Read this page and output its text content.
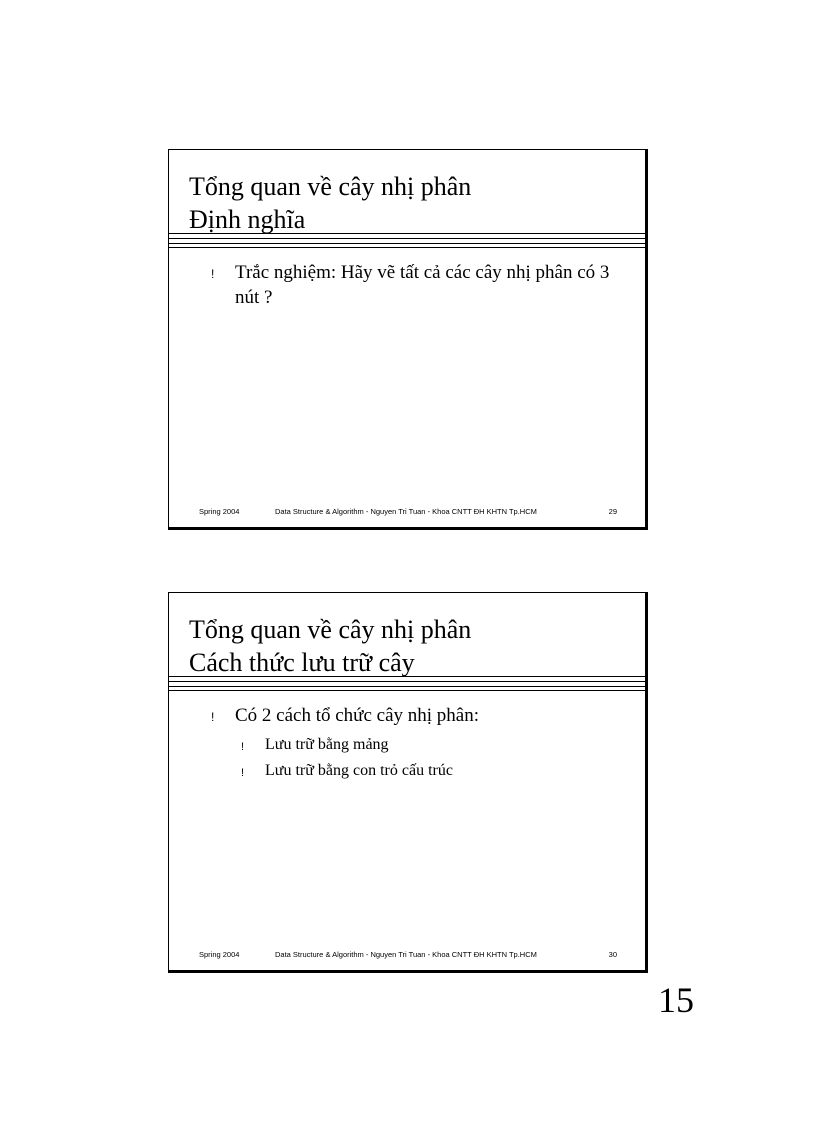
Tổng quan về cây nhị phân
Định nghĩa
! Trắc nghiệm: Hãy vẽ tất cả các cây nhị phân có 3 nút ?
Spring 2004	Data Structure & Algorithm - Nguyen Tri Tuan - Khoa CNTT ĐH KHTN Tp.HCM	29
Tổng quan về cây nhị phân
Cách thức lưu trữ cây
! Có 2 cách tổ chức cây nhị phân:
! Lưu trữ bằng mảng
! Lưu trữ bằng con trỏ cấu trúc
Spring 2004	Data Structure & Algorithm - Nguyen Tri Tuan - Khoa CNTT ĐH KHTN Tp.HCM	30
15
